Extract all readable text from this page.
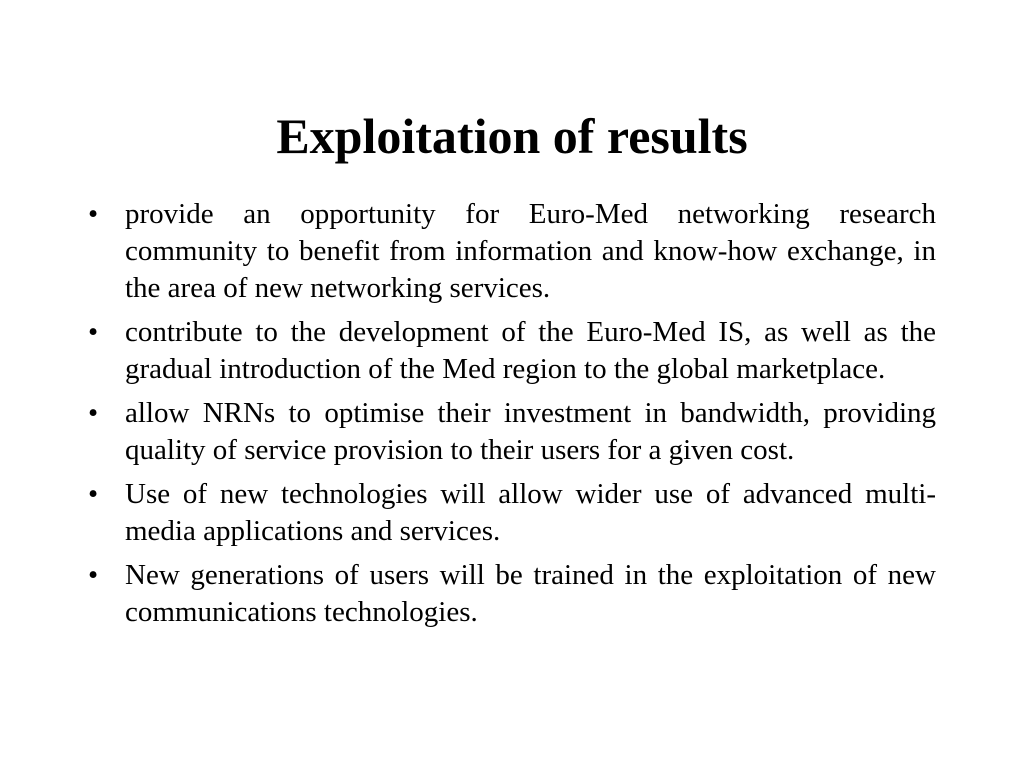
Exploitation of results
• provide an opportunity for Euro-Med networking research community to benefit from information and know-how exchange, in the area of new networking services.
• contribute to the development of the Euro-Med IS, as well as the gradual introduction of the Med region to the global marketplace.
• allow NRNs to optimise their investment in bandwidth, providing quality of service provision to their users for a given cost.
• Use of new technologies will allow wider use of advanced multi-media applications and services.
• New generations of users will be trained in the exploitation of new communications technologies.
